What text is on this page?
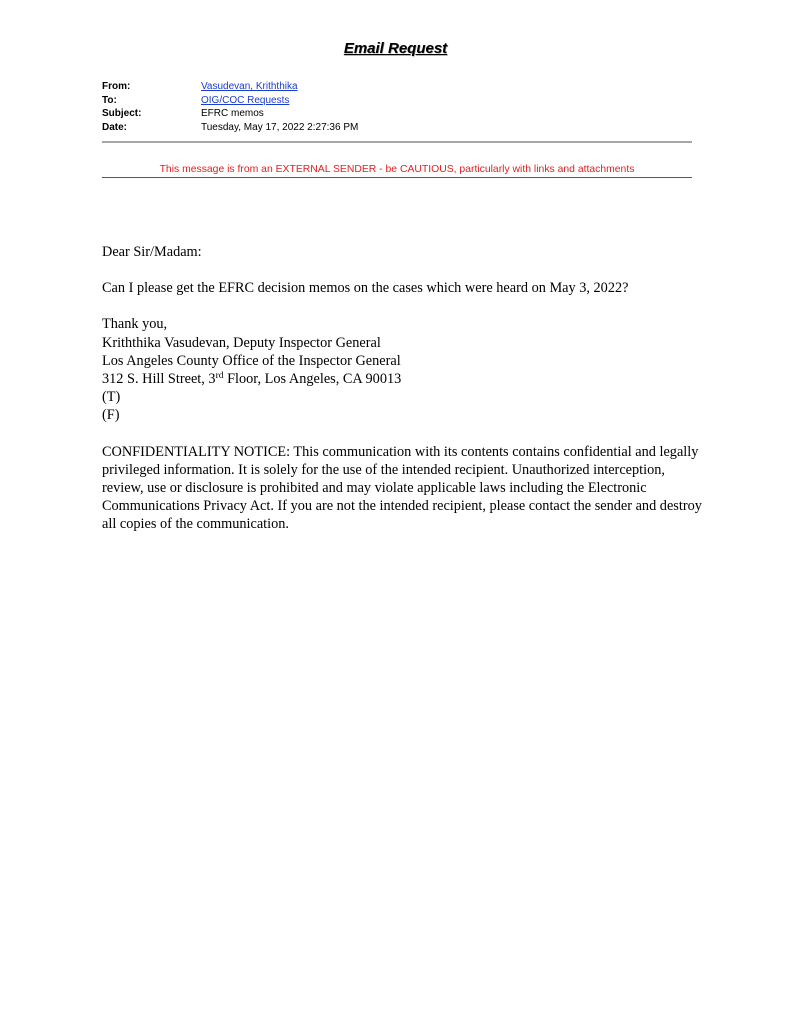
Email Request
From:	Vasudevan, Kriththika
To:	OIG/COC Requests
Subject:	EFRC memos
Date:	Tuesday, May 17, 2022 2:27:36 PM
This message is from an EXTERNAL SENDER - be CAUTIOUS, particularly with links and attachments

Dear Sir/Madam:

Can I please get the EFRC decision memos on the cases which were heard on May 3, 2022?

Thank you,

Kriththika Vasudevan, Deputy Inspector General

Los Angeles County Office of the Inspector General

312 S. Hill Street, 3rd Floor, Los Angeles, CA 90013

(T)

(F)

CONFIDENTIALITY NOTICE: This communication with its contents contains confidential and legally privileged information. It is solely for the use of the intended recipient. Unauthorized interception, review, use or disclosure is prohibited and may violate applicable laws including the Electronic Communications Privacy Act. If you are not the intended recipient, please contact the sender and destroy all copies of the communication.
